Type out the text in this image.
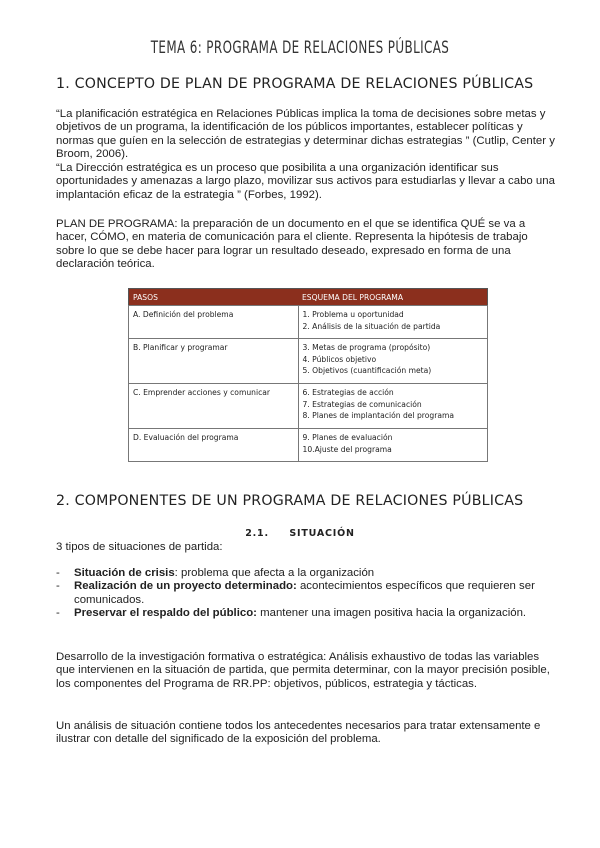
TEMA 6: PROGRAMA DE RELACIONES PÚBLICAS
1. CONCEPTO DE PLAN DE PROGRAMA DE RELACIONES PÚBLICAS
“La planificación estratégica en Relaciones Públicas implica la toma de decisiones sobre metas y objetivos de un programa, la identificación de los públicos importantes, establecer políticas y normas que guíen en la selección de estrategias y determinar dichas estrategias ” (Cutlip, Center y Broom, 2006).
“La Dirección estratégica es un proceso que posibilita a una organización identificar sus oportunidades y amenazas a largo plazo, movilizar sus activos para estudiarlas y llevar a cabo una implantación eficaz de la estrategia ” (Forbes, 1992).
PLAN DE PROGRAMA: la preparación de un documento en el que se identifica QUÉ se va a hacer, CÓMO, en materia de comunicación para el cliente. Representa la hipótesis de trabajo sobre lo que se debe hacer para lograr un resultado deseado, expresado en forma de una declaración teórica.
PASOS	ESQUEMA DEL PROGRAMA
A. Definición del problema	1. Problema u oportunidad
2. Análisis de la situación de partida

B. Planificar y programar	3. Metas de programa (propósito)
4. Públicos objetivo
5. Objetivos (cuantificación meta)

C. Emprender acciones y comunicar	6. Estrategias de acción
7. Estrategias de comunicación
8. Planes de implantación del programa

D. Evaluación del programa	9. Planes de evaluación
10.Ajuste del programa
2. COMPONENTES DE UN PROGRAMA DE RELACIONES PÚBLICAS
2.1. SITUACIÓN
3 tipos de situaciones de partida:
- Situación de crisis: problema que afecta a la organización
- Realización de un proyecto determinado: acontecimientos específicos que requieren ser comunicados.
- Preservar el respaldo del público: mantener una imagen positiva hacia la organización.
Desarrollo de la investigación formativa o estratégica: Análisis exhaustivo de todas las variables que intervienen en la situación de partida, que permita determinar, con la mayor precisión posible, los componentes del Programa de RR.PP: objetivos, públicos, estrategia y tácticas.
Un análisis de situación contiene todos los antecedentes necesarios para tratar extensamente e ilustrar con detalle del significado de la exposición del problema.
